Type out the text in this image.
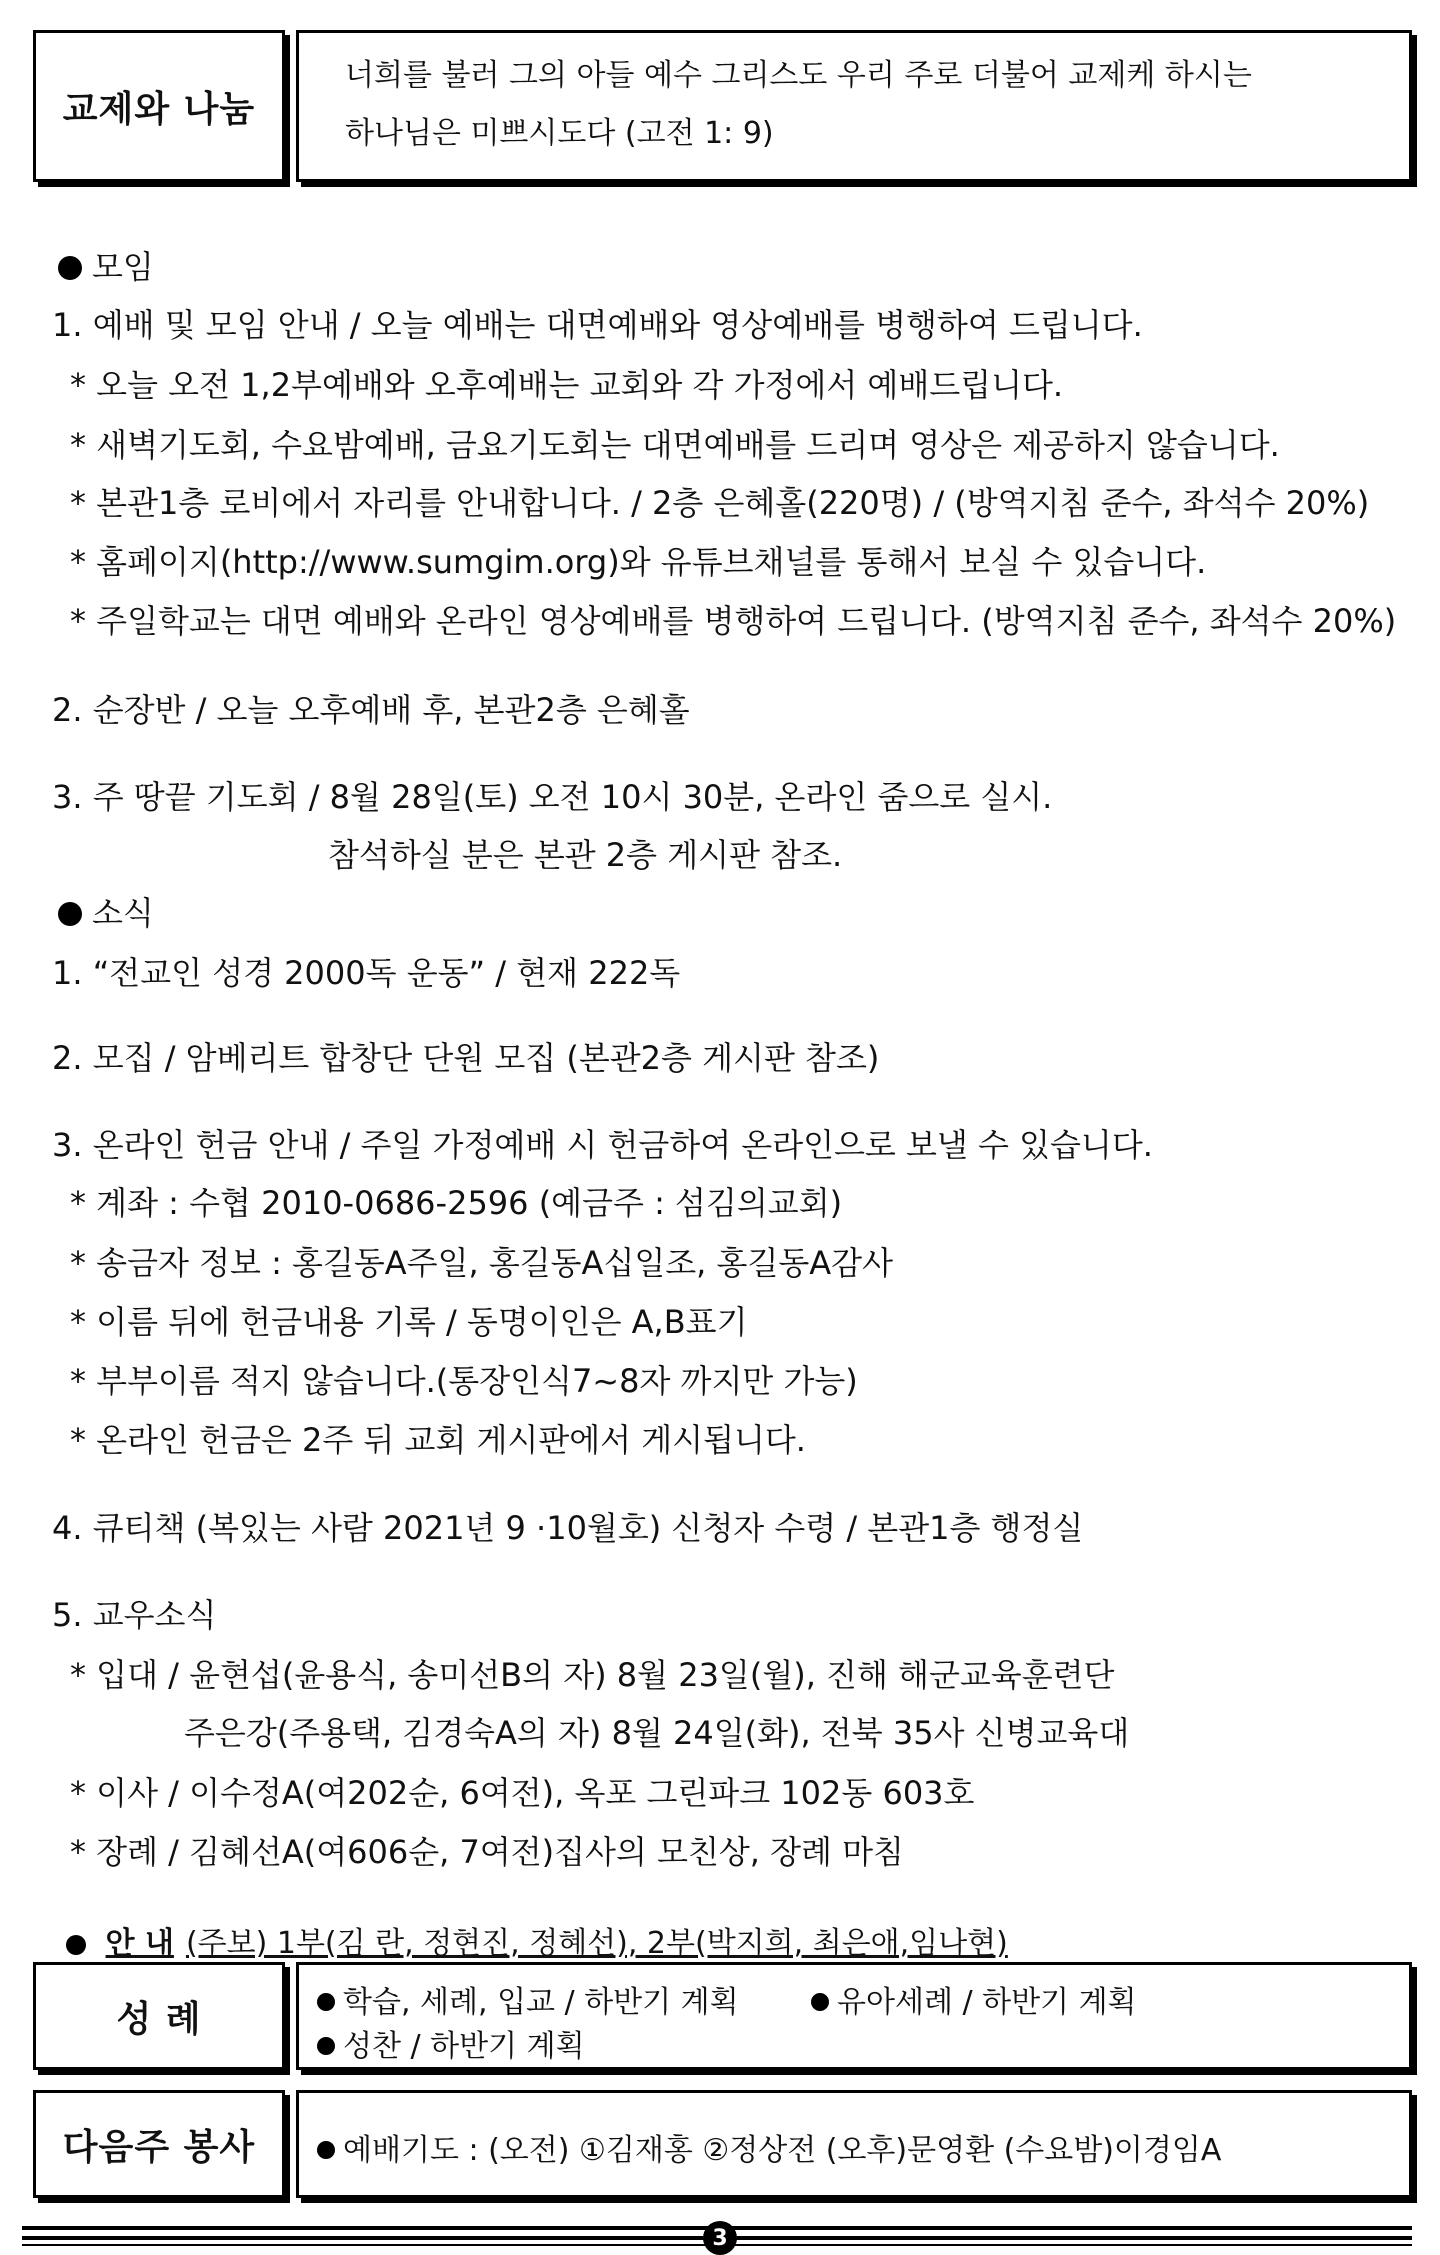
교제와 나눔
너희를 불러 그의 아들 예수 그리스도 우리 주로 더불어 교제케 하시는
하나님은 미쁘시도다 (고전 1: 9)
모임
1. 예배 및 모임 안내 / 오늘 예배는 대면예배와 영상예배를 병행하여 드립니다.
* 오늘 오전 1,2부예배와 오후예배는 교회와 각 가정에서 예배드립니다.
* 새벽기도회, 수요밤예배, 금요기도회는 대면예배를 드리며 영상은 제공하지 않습니다.
* 본관1층 로비에서 자리를 안내합니다. / 2층 은혜홀(220명) / (방역지침 준수, 좌석수 20%)
* 홈페이지(http://www.sumgim.org)와 유튜브채널를 통해서 보실 수 있습니다.
* 주일학교는 대면 예배와 온라인 영상예배를 병행하여 드립니다. (방역지침 준수, 좌석수 20%)
2. 순장반 / 오늘 오후예배 후, 본관2층 은혜홀
3. 주 땅끝 기도회 / 8월 28일(토) 오전 10시 30분, 온라인 줌으로 실시.
참석하실 분은 본관 2층 게시판 참조.
소식
1. “전교인 성경 2000독 운동” / 현재 222독
2. 모집 / 암베리트 합창단 단원 모집 (본관2층 게시판 참조)
3. 온라인 헌금 안내 / 주일 가정예배 시 헌금하여 온라인으로 보낼 수 있습니다.
* 계좌 : 수협 2010-0686-2596 (예금주 : 섬김의교회)
* 송금자 정보 : 홍길동A주일, 홍길동A십일조, 홍길동A감사
* 이름 뒤에 헌금내용 기록 / 동명이인은 A,B표기
* 부부이름 적지 않습니다.(통장인식7~8자 까지만 가능)
* 온라인 헌금은 2주 뒤 교회 게시판에서 게시됩니다.
4. 큐티책 (복있는 사람 2021년 9 ·10월호) 신청자 수령 / 본관1층 행정실
5. 교우소식
* 입대 / 윤현섭(윤용식, 송미선B의 자) 8월 23일(월), 진해 해군교육훈련단
주은강(주용택, 김경숙A의 자) 8월 24일(화), 전북 35사 신병교육대
* 이사 / 이수정A(여202순, 6여전), 옥포 그린파크 102동 603호
* 장례 / 김혜선A(여606순, 7여전)집사의 모친상, 장례 마침
안 내 (주보) 1부(김 란, 정현진, 정혜선), 2부(박지희, 최은애,임나현)
성 례	학습, 세례, 입교 / 하반기 계획	유아세례 / 하반기 계획
성찬 / 하반기 계획
다음주 봉사	예배기도 : (오전) ①김재홍 ②정상전 (오후)문영환 (수요밤)이경임A
3
